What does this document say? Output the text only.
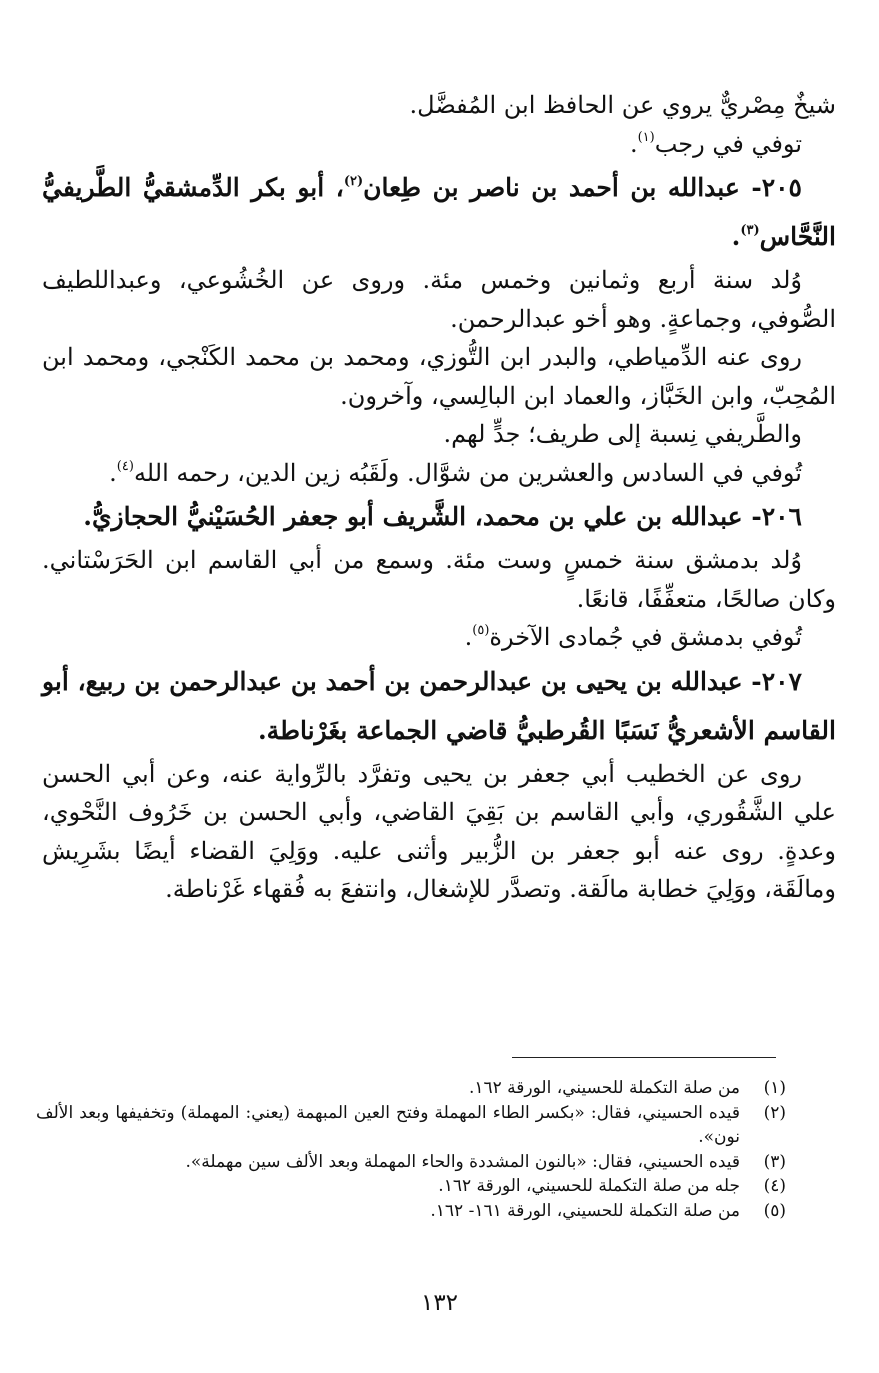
شيخٌ مِصْريٌّ يروي عن الحافظ ابن المُفضَّل.

توفي في رجب$^{(١)}$.

٢٠٥- عبدالله بن أحمد بن ناصر بن طِعان$^{(٢)}$، أبو بكر الدِّمشقيُّ الطَّريفيُّ النَّحَّاس$^{(٣)}$.

وُلد سنة أربع وثمانين وخمس مئة. وروى عن الخُشُوعي، وعبداللطيف الصُّوفي، وجماعةٍ. وهو أخو عبدالرحمن.

روى عنه الدِّمياطي، والبدر ابن التُّوزي، ومحمد بن محمد الكَنْجي، ومحمد ابن المُحِبّ، وابن الخَبَّاز، والعماد ابن البالِسي، وآخرون.

والطَّريفي نِسبة إلى طريف؛ جدٍّ لهم.

تُوفي في السادس والعشرين من شوَّال. ولَقَبُه زين الدين، رحمه الله$^{(٤)}$.

٢٠٦- عبدالله بن علي بن محمد، الشَّريف أبو جعفر الحُسَيْنيُّ الحجازيُّ.

وُلد بدمشق سنة خمسٍ وست مئة. وسمع من أبي القاسم ابن الحَرَسْتاني. وكان صالحًا، متعفِّفًا، قانعًا.

تُوفي بدمشق في جُمادى الآخرة$^{(٥)}$.

٢٠٧- عبدالله بن يحيى بن عبدالرحمن بن أحمد بن عبدالرحمن بن ربيع، أبو القاسم الأشعريُّ نَسَبًا القُرطبيُّ قاضي الجماعة بغَرْناطة.

روى عن الخطيب أبي جعفر بن يحيى وتفرَّد بالرِّواية عنه، وعن أبي الحسن علي الشَّقُوري، وأبي القاسم بن بَقِيَ القاضي، وأبي الحسن بن خَرُوف النَّحْوي، وعدةٍ. روى عنه أبو جعفر بن الزُّبير وأثنى عليه. ووَلِيَ القضاء أيضًا بشَرِيش ومالَقَة، ووَلِيَ خطابة مالَقة. وتصدَّر للإشغال، وانتفعَ به فُقهاء غَرْناطة.

(١)
من صلة التكملة للحسيني، الورقة ١٦٢.
(٢)
قيده الحسيني، فقال: «بكسر الطاء المهملة وفتح العين المبهمة (يعني: المهملة) وتخفيفها وبعد الألف نون».
(٣)
قيده الحسيني، فقال: «بالنون المشددة والحاء المهملة وبعد الألف سين مهملة».
(٤)
جله من صلة التكملة للحسيني، الورقة ١٦٢.
(٥)
من صلة التكملة للحسيني، الورقة ١٦١- ١٦٢.
١٣٢
